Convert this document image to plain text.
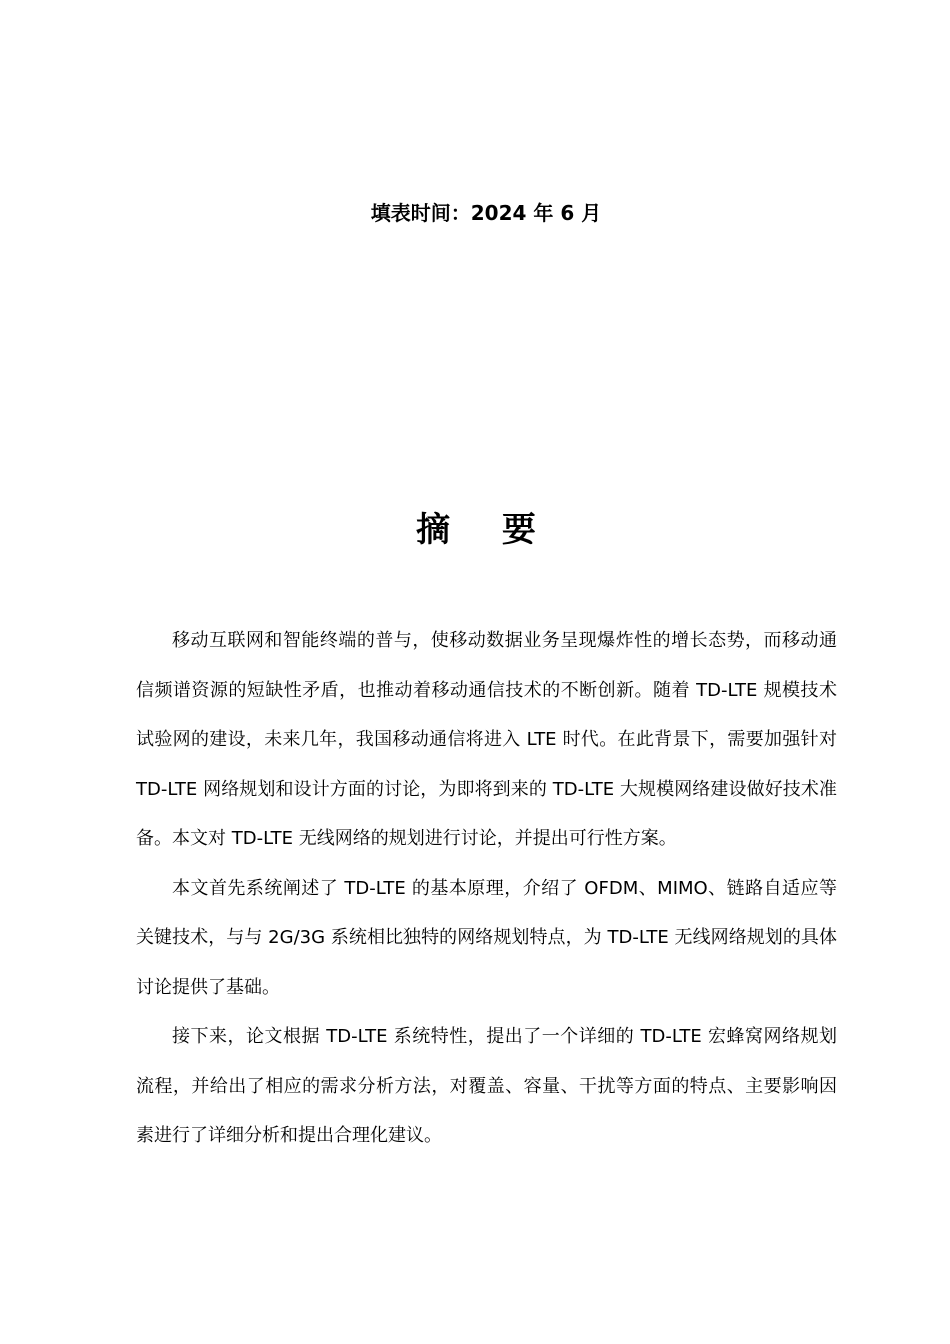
填表时间：2024 年 6 月
摘 要

移动互联网和智能终端的普与，使移动数据业务呈现爆炸性的增长态势，而移动通信频谱资源的短缺性矛盾，也推动着移动通信技术的不断创新。随着 TD-LTE 规模技术试验网的建设，未来几年，我国移动通信将进入 LTE 时代。在此背景下，需要加强针对 TD-LTE 网络规划和设计方面的讨论，为即将到来的 TD-LTE 大规模网络建设做好技术准备。本文对 TD-LTE 无线网络的规划进行讨论，并提出可行性方案。

本文首先系统阐述了 TD-LTE 的基本原理，介绍了 OFDM、MIMO、链路自适应等关键技术，与与 2G/3G 系统相比独特的网络规划特点，为 TD-LTE 无线网络规划的具体讨论提供了基础。

接下来，论文根据 TD-LTE 系统特性，提出了一个详细的 TD-LTE 宏蜂窝网络规划流程，并给出了相应的需求分析方法，对覆盖、容量、干扰等方面的特点、主要影响因素进行了详细分析和提出合理化建议。
